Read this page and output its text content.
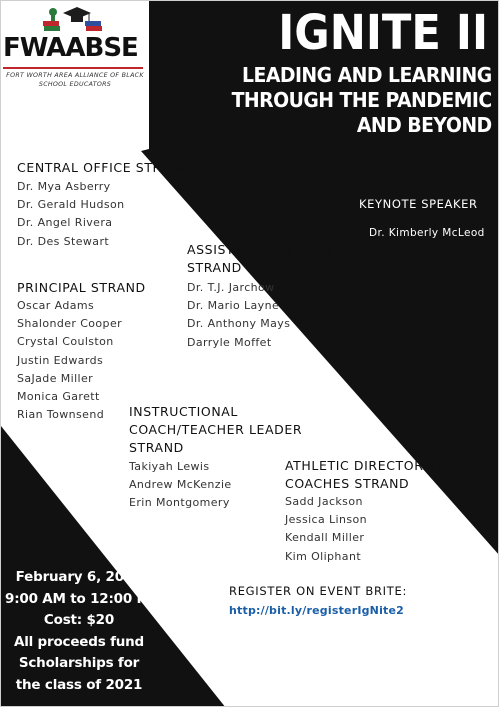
FWAABSE
FORT WORTH AREA ALLIANCE OF BLACK SCHOOL EDUCATORS
IGNITE II
LEADING AND LEARNING
THROUGH THE PANDEMIC
AND BEYOND
CENTRAL OFFICE STRAND
Dr. Mya Asberry
Dr. Gerald Hudson
Dr. Angel Rivera
Dr. Des Stewart
KEYNOTE SPEAKER
Dr. Kimberly McLeod
ASSISTANT PRINCIPAL
STRAND
Dr. T.J. Jarchow
Dr. Mario Layne
Dr. Anthony Mays
Darryle Moffet
PRINCIPAL STRAND
Oscar Adams
Shalonder Cooper
Crystal Coulston
Justin Edwards
SaJade Miller
Monica Garett
Rian Townsend	INSTRUCTIONAL
COACH/TEACHER LEADER
STRAND
Takiyah Lewis
Andrew McKenzie
Erin Montgomery
ATHLETIC DIRECTORS/HEAD
COACHES STRAND
Sadd Jackson
Jessica Linson
Kendall Miller
Kim Oliphant
February 6, 2020
9:00 AM to 12:00 PM
Cost: $20
All proceeds fund
Scholarships for
the class of 2021
REGISTER ON EVENT BRITE:
http://bit.ly/registerIgNite2
